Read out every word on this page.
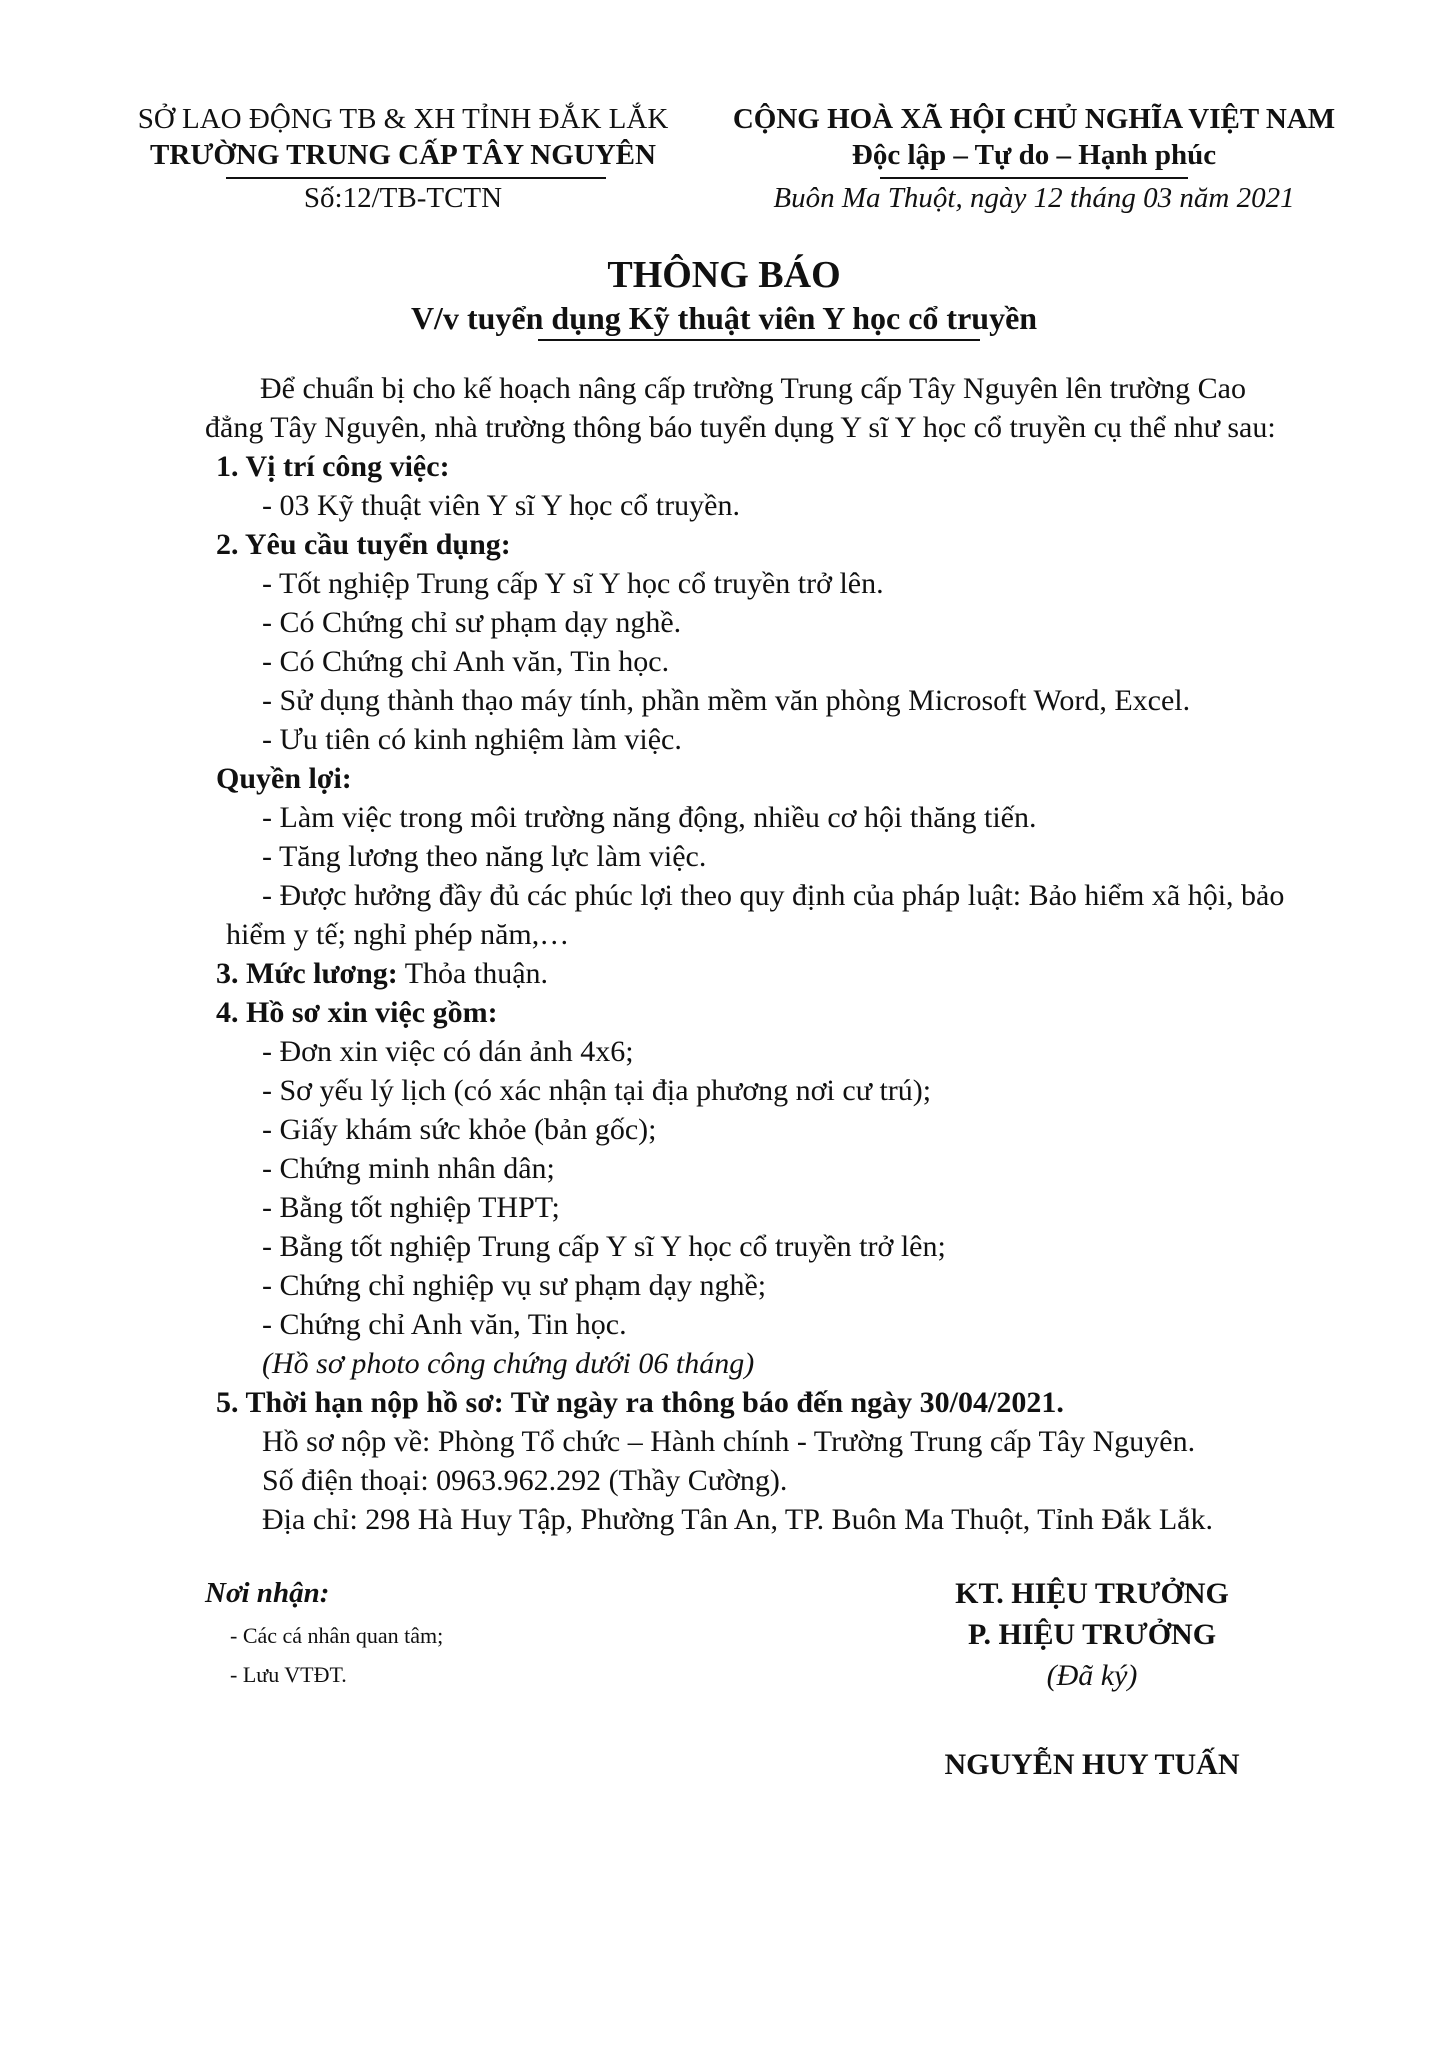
SỞ LAO ĐỘNG TB & XH TỈNH ĐẮK LẮK
TRƯỜNG TRUNG CẤP TÂY NGUYÊN
Số:12/TB-TCTN
CỘNG HOÀ XÃ HỘI CHỦ NGHĨA VIỆT NAM
Độc lập – Tự do – Hạnh phúc
Buôn Ma Thuột, ngày 12 tháng 03 năm 2021
THÔNG BÁO
V/v tuyển dụng Kỹ thuật viên Y học cổ truyền
Để chuẩn bị cho kế hoạch nâng cấp trường Trung cấp Tây Nguyên lên trường Cao
đẳng Tây Nguyên, nhà trường thông báo tuyển dụng Y sĩ Y học cổ truyền cụ thể như sau:
1. Vị trí công việc:
- 03 Kỹ thuật viên Y sĩ Y học cổ truyền.
2. Yêu cầu tuyển dụng:
- Tốt nghiệp Trung cấp Y sĩ Y học cổ truyền trở lên.
- Có Chứng chỉ sư phạm dạy nghề.
- Có Chứng chỉ Anh văn, Tin học.
- Sử dụng thành thạo máy tính, phần mềm văn phòng Microsoft Word, Excel.
- Ưu tiên có kinh nghiệm làm việc.
Quyền lợi:
- Làm việc trong môi trường năng động, nhiều cơ hội thăng tiến.
- Tăng lương theo năng lực làm việc.
- Được hưởng đầy đủ các phúc lợi theo quy định của pháp luật: Bảo hiểm xã hội, bảo
hiểm y tế; nghỉ phép năm,…
3. Mức lương: Thỏa thuận.
4. Hồ sơ xin việc gồm:
- Đơn xin việc có dán ảnh 4x6;
- Sơ yếu lý lịch (có xác nhận tại địa phương nơi cư trú);
- Giấy khám sức khỏe (bản gốc);
- Chứng minh nhân dân;
- Bằng tốt nghiệp THPT;
- Bằng tốt nghiệp Trung cấp Y sĩ Y học cổ truyền trở lên;
- Chứng chỉ nghiệp vụ sư phạm dạy nghề;
- Chứng chỉ Anh văn, Tin học.
(Hồ sơ photo công chứng dưới 06 tháng)
5. Thời hạn nộp hồ sơ: Từ ngày ra thông báo đến ngày 30/04/2021.
Hồ sơ nộp về: Phòng Tổ chức – Hành chính - Trường Trung cấp Tây Nguyên.
Số điện thoại: 0963.962.292 (Thầy Cường).
Địa chỉ: 298 Hà Huy Tập, Phường Tân An, TP. Buôn Ma Thuột, Tỉnh Đắk Lắk.
Nơi nhận:
- Các cá nhân quan tâm;
- Lưu VTĐT.
KT. HIỆU TRƯỞNG
P. HIỆU TRƯỞNG
(Đã ký)
NGUYỄN HUY TUẤN
